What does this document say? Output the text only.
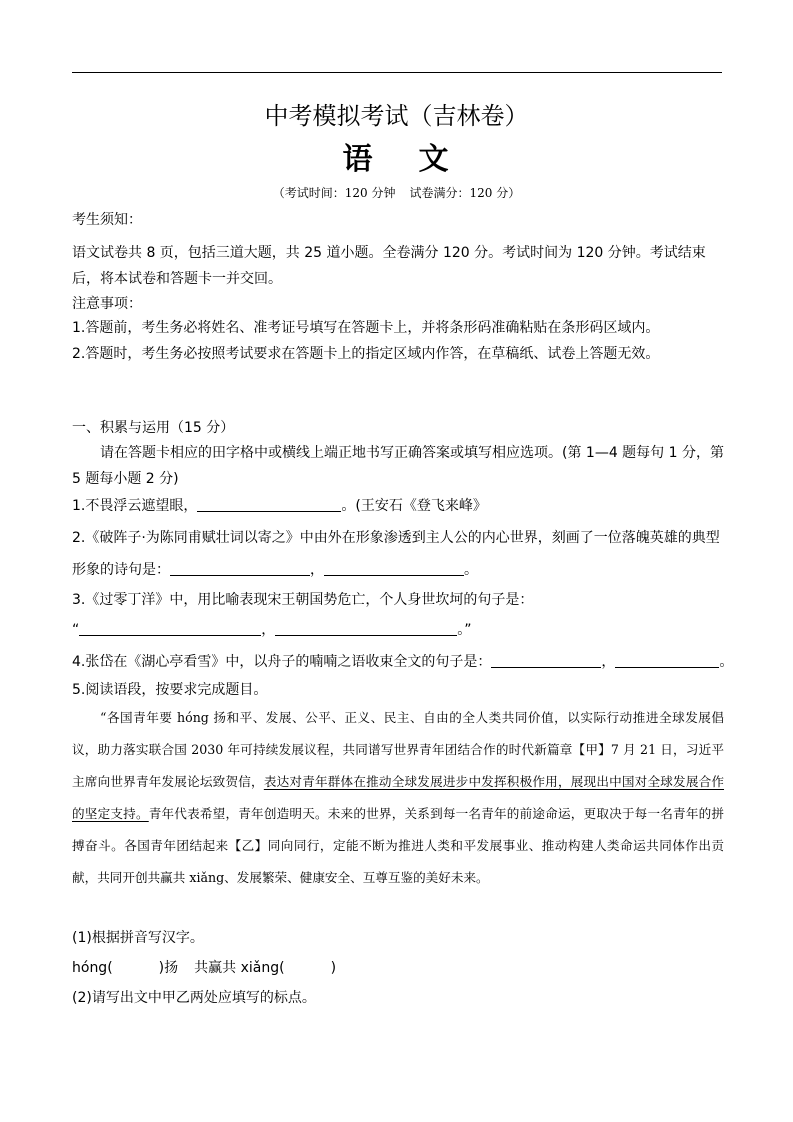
中考模拟考试（吉林卷）
语 文
（考试时间：120 分钟 试卷满分：120 分）
考生须知：
语文试卷共 8 页，包括三道大题，共 25 道小题。全卷满分 120 分。考试时间为 120 分钟。考试结束后，将本试卷和答题卡一并交回。
注意事项：
1.答题前，考生务必将姓名、准考证号填写在答题卡上，并将条形码准确粘贴在条形码区域内。
2.答题时，考生务必按照考试要求在答题卡上的指定区域内作答，在草稿纸、试卷上答题无效。
一、积累与运用（15 分）
请在答题卡相应的田字格中或横线上端正地书写正确答案或填写相应选项。(第 1—4 题每句 1 分，第 5 题每小题 2 分)
1.不畏浮云遮望眼，	。(王安石《登飞来峰》
2.《破阵子·为陈同甫赋壮词以寄之》中由外在形象渗透到主人公的内心世界，刻画了一位落魄英雄的典型
形象的诗句是：	，	。
3.《过零丁洋》中，用比喻表现宋王朝国势危亡，个人身世坎坷的句子是：
“	，	。”
4.张岱在《湖心亭看雪》中，以舟子的喃喃之语收束全文的句子是：	，	。
5.阅读语段，按要求完成题目。
“各国青年要 hóng 扬和平、发展、公平、正义、民主、自由的全人类共同价值，以实际行动推进全球发展倡议，助力落实联合国 2030 年可持续发展议程，共同谱写世界青年团结合作的时代新篇章【甲】7 月 21 日，习近平主席向世界青年发展论坛致贺信，表达对青年群体在推动全球发展进步中发挥积极作用，展现出中国对全球发展合作的坚定支持。青年代表希望，青年创造明天。未来的世界，关系到每一名青年的前途命运，更取决于每一名青年的拼搏奋斗。各国青年团结起来【乙】同向同行，定能不断为推进人类和平发展事业、推动构建人类命运共同体作出贡献，共同开创共赢共 xiǎng、发展繁荣、健康安全、互尊互鉴的美好未来。
(1)根据拼音写汉字。
hóng(	)扬 共赢共 xiǎng(	)
(2)请写出文中甲乙两处应填写的标点。
